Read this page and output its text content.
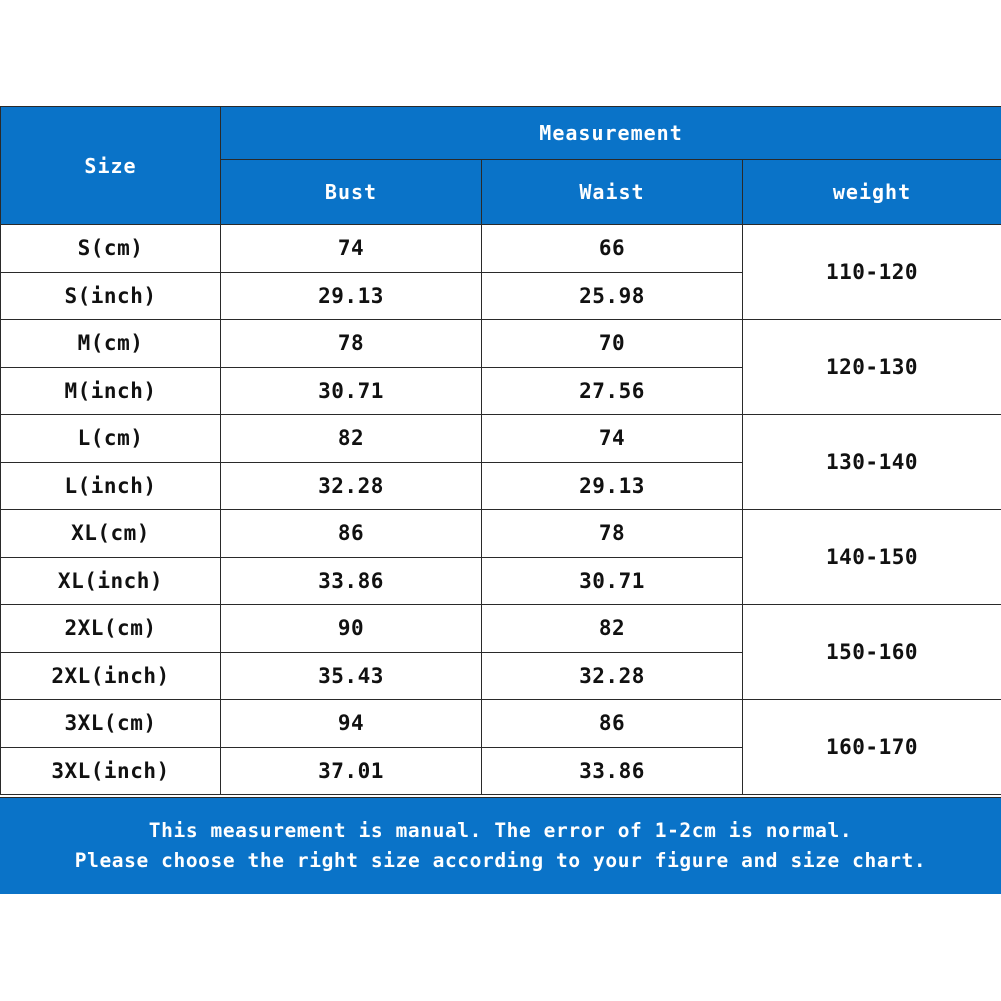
Size	Measurement		
	Bust	Waist	weight
S(cm)	74	66	110-120
S(inch)	29.13	25.98	
M(cm)	78	70	120-130
M(inch)	30.71	27.56	
L(cm)	82	74	130-140
L(inch)	32.28	29.13	
XL(cm)	86	78	140-150
XL(inch)	33.86	30.71	
2XL(cm)	90	82	150-160
2XL(inch)	35.43	32.28	
3XL(cm)	94	86	160-170
3XL(inch)	37.01	33.86	
This measurement is manual. The error of 1-2cm is normal.
Please choose the right size according to your figure and size chart.
